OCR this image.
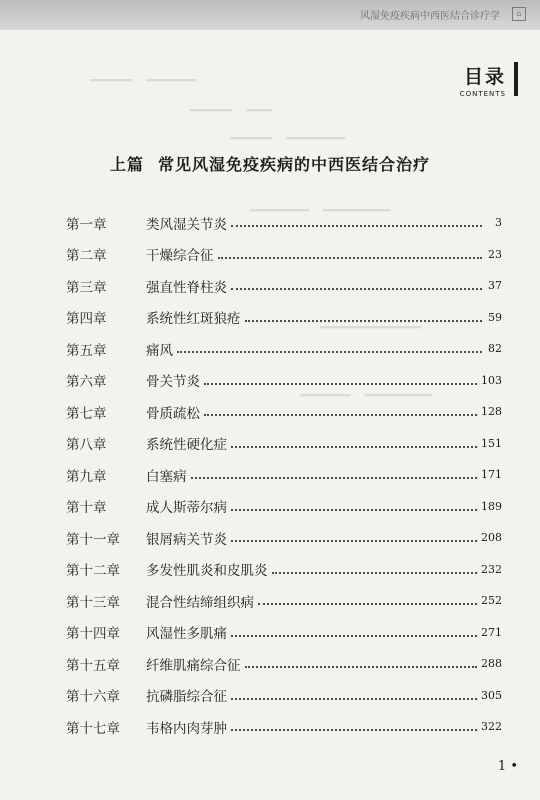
风湿免疫疾病中西医结合诊疗学	⌂
━━━━━━　━━━━━
━━━　━━━━━
━━━━━━━　━━━━━
━━━━━━━━　━━━━━━━
━━━━━━━━━━━━
━━━━━━━━　━━━━━━
目录
CONTENTS
上篇 常见风湿免疫疾病的中西医结合治疗
第一章	类风湿关节炎	3
第二章	干燥综合征	23
第三章	强直性脊柱炎	37
第四章	系统性红斑狼疮	59
第五章	痛风	82
第六章	骨关节炎	103
第七章	骨质疏松	128
第八章	系统性硬化症	151
第九章	白塞病	171
第十章	成人斯蒂尔病	189
第十一章	银屑病关节炎	208
第十二章	多发性肌炎和皮肌炎	232
第十三章	混合性结缔组织病	252
第十四章	风湿性多肌痛	271
第十五章	纤维肌痛综合征	288
第十六章	抗磷脂综合征	305
第十七章	韦格内肉芽肿	322
1 •
